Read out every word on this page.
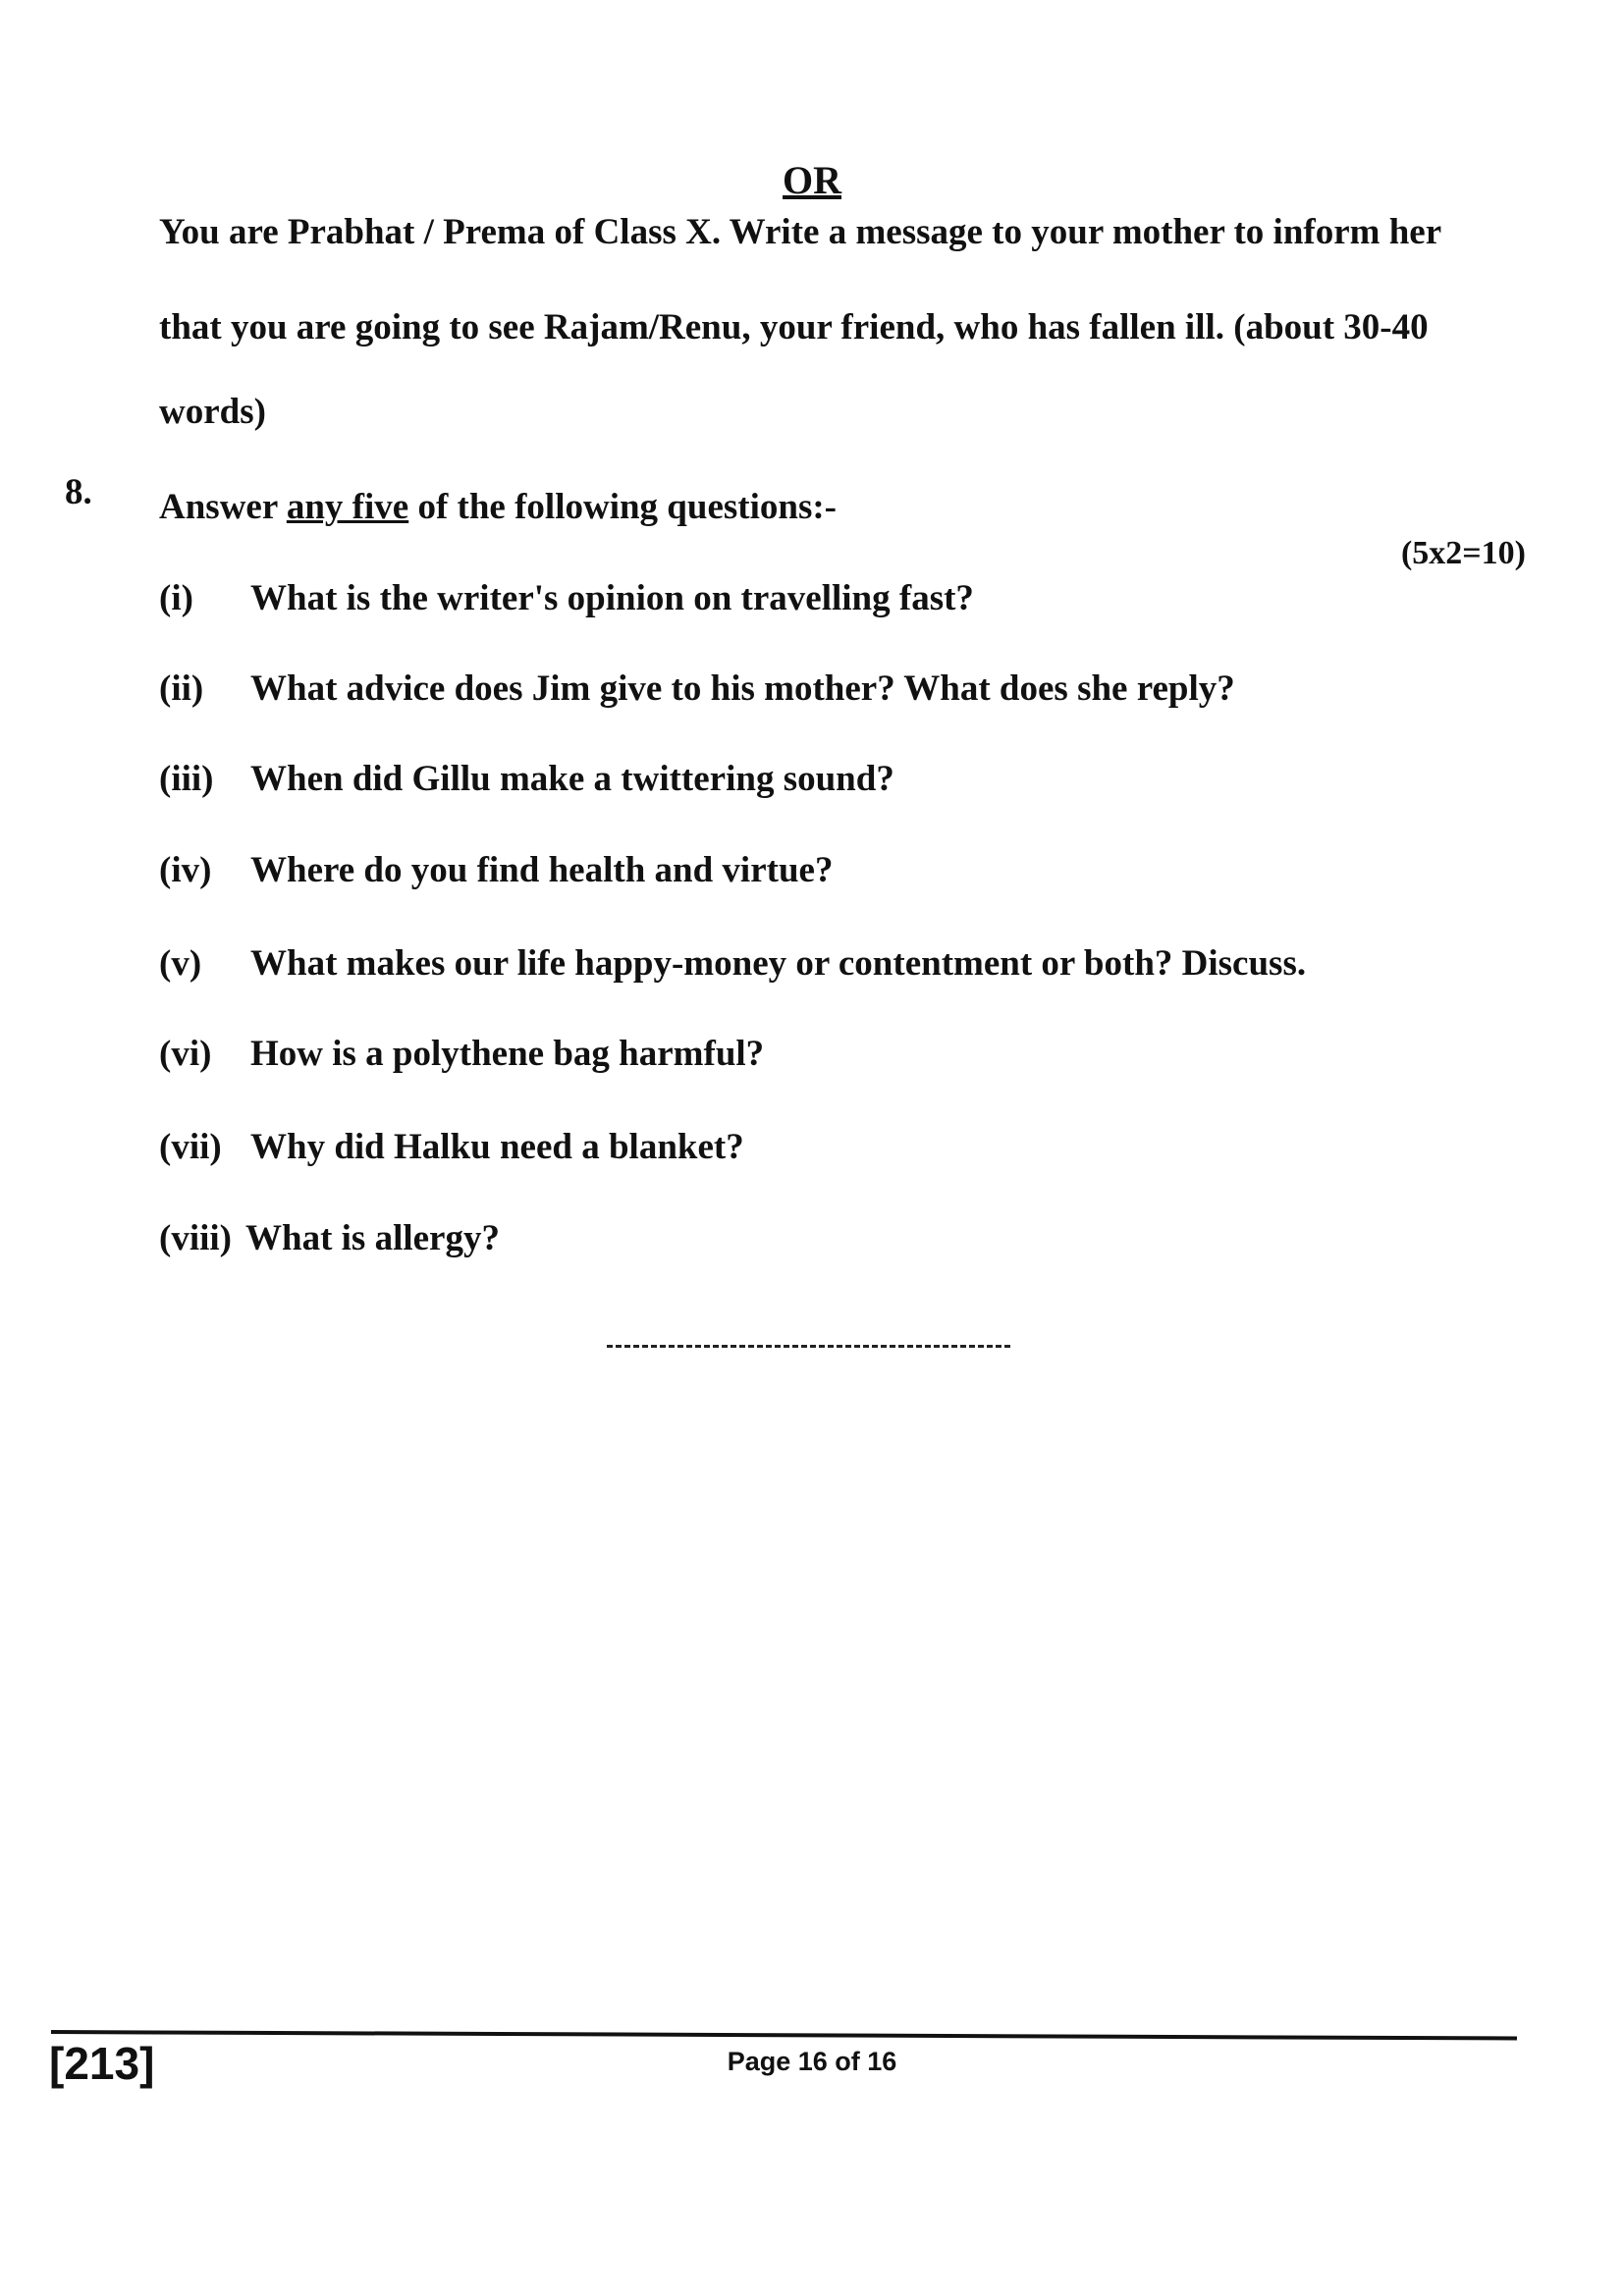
OR
You are Prabhat / Prema of Class X. Write a message to your mother to inform her
that you are going to see Rajam/Renu, your friend, who has fallen ill. (about 30-40
words)
8. Answer any five of the following questions:-
(5x2=10)
(i) What is the writer's opinion on travelling fast?
(ii) What advice does Jim give to his mother? What does she reply?
(iii) When did Gillu make a twittering sound?
(iv) Where do you find health and virtue?
(v) What makes our life happy-money or contentment or both? Discuss.
(vi) How is a polythene bag harmful?
(vii) Why did Halku need a blanket?
(viii) What is allergy?
[213]	Page 16 of 16
